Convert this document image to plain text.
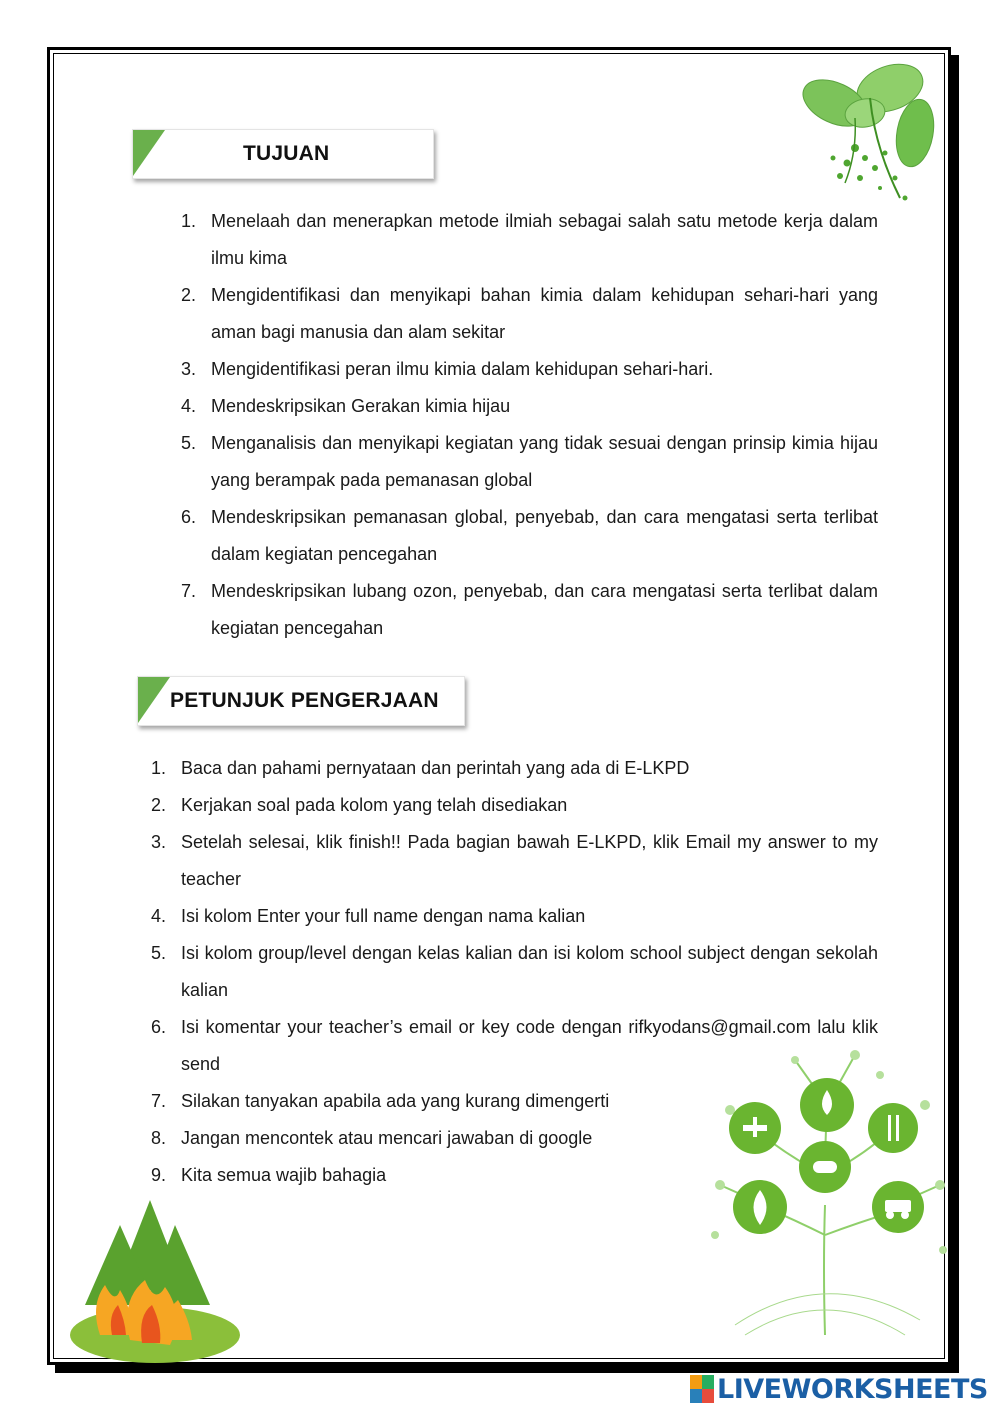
TUJUAN
1. Menelaah dan menerapkan metode ilmiah sebagai salah satu metode kerja dalam ilmu kima
2. Mengidentifikasi dan menyikapi bahan kimia dalam kehidupan sehari-hari yang aman bagi manusia dan alam sekitar
3. Mengidentifikasi peran ilmu kimia dalam kehidupan sehari-hari.
4. Mendeskripsikan Gerakan kimia hijau
5. Menganalisis dan menyikapi kegiatan yang tidak sesuai dengan prinsip kimia hijau yang berampak pada pemanasan global
6. Mendeskripsikan pemanasan global, penyebab, dan cara mengatasi serta terlibat dalam kegiatan pencegahan
7. Mendeskripsikan lubang ozon, penyebab, dan cara mengatasi serta terlibat dalam kegiatan pencegahan
PETUNJUK PENGERJAAN
1. Baca dan pahami pernyataan dan perintah yang ada di E-LKPD
2. Kerjakan soal pada kolom yang telah disediakan
3. Setelah selesai, klik finish!! Pada bagian bawah E-LKPD, klik Email my answer to my teacher
4. Isi kolom Enter your full name dengan nama kalian
5. Isi kolom group/level dengan kelas kalian dan isi kolom school subject dengan sekolah kalian
6. Isi komentar your teacher’s email or key code dengan rifkyodans@gmail.com lalu klik send
7. Silakan tanyakan apabila ada yang kurang dimengerti
8. Jangan mencontek atau mencari jawaban di google
9. Kita semua wajib bahagia
LIVEWORKSHEETS
